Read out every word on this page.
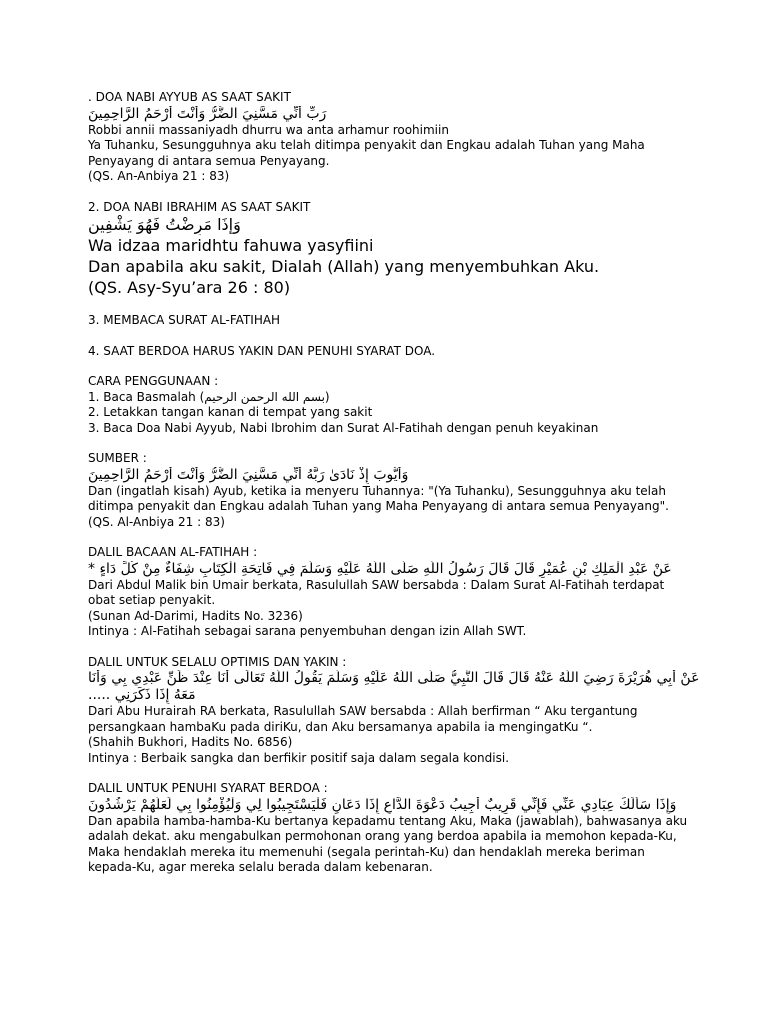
. DOA NABI AYYUB AS SAAT SAKIT
رَبِّ أَنِّي مَسَّنِيَ الضُّرُّ وَأَنْتَ أَرْحَمُ الرَّاحِمِينَ
Robbi annii massaniyadh dhurru wa anta arhamur roohimiin
Ya Tuhanku, Sesungguhnya aku telah ditimpa penyakit dan Engkau adalah Tuhan yang Maha
Penyayang di antara semua Penyayang.
(QS. An-Anbiya 21 : 83)
2. DOA NABI IBRAHIM AS SAAT SAKIT
وَإِذَا مَرِضْتُ فَهُوَ يَشْفِينِ
Wa idzaa maridhtu fahuwa yasyfiini
Dan apabila aku sakit, Dialah (Allah) yang menyembuhkan Aku.
(QS. Asy-Syu’ara 26 : 80)
3. MEMBACA SURAT AL-FATIHAH
4. SAAT BERDOA HARUS YAKIN DAN PENUHI SYARAT DOA.
CARA PENGGUNAAN :
1. Baca Basmalah (بسم الله الرحمن الرحيم)
2. Letakkan tangan kanan di tempat yang sakit
3. Baca Doa Nabi Ayyub, Nabi Ibrohim dan Surat Al-Fatihah dengan penuh keyakinan
SUMBER :
وَأَيُّوبَ إِذْ نَادَىٰ رَبَّهُ أَنِّي مَسَّنِيَ الضُّرُّ وَأَنْتَ أَرْحَمُ الرَّاحِمِينَ
Dan (ingatlah kisah) Ayub, ketika ia menyeru Tuhannya: "(Ya Tuhanku), Sesungguhnya aku telah
ditimpa penyakit dan Engkau adalah Tuhan yang Maha Penyayang di antara semua Penyayang".
(QS. Al-Anbiya 21 : 83)
DALIL BACAAN AL-FATIHAH :
عَنْ عَبْدِ الْمَلِكِ بْنِ عُمَيْرٍ قَالَ قَالَ رَسُولُ اللَّهِ صَلَّى اللَّهُ عَلَيْهِ وَسَلَّمَ فِي فَاتِحَةِ الْكِتَابِ شِفَاءٌ مِنْ كُلِّ دَاءٍ *
Dari Abdul Malik bin Umair berkata, Rasulullah SAW bersabda : Dalam Surat Al-Fatihah terdapat
obat setiap penyakit.
(Sunan Ad-Darimi, Hadits No. 3236)
Intinya : Al-Fatihah sebagai sarana penyembuhan dengan izin Allah SWT.
DALIL UNTUK SELALU OPTIMIS DAN YAKIN :
عَنْ أَبِي هُرَيْرَةَ رَضِيَ اللَّهُ عَنْهُ قَالَ قَالَ النَّبِيُّ صَلَّى اللَّهُ عَلَيْهِ وَسَلَّمَ يَقُولُ اللَّهُ تَعَالَى أَنَا عِنْدَ ظَنِّ عَبْدِي بِي وَأَنَا
مَعَهُ إِذَا ذَكَرَنِي .....
Dari Abu Hurairah RA berkata, Rasulullah SAW bersabda : Allah berfirman “ Aku tergantung
persangkaan hambaKu pada diriKu, dan Aku bersamanya apabila ia mengingatKu “.
(Shahih Bukhori, Hadits No. 6856)
Intinya : Berbaik sangka dan berfikir positif saja dalam segala kondisi.
DALIL UNTUK PENUHI SYARAT BERDOA :
وَإِذَا سَأَلَكَ عِبَادِي عَنِّي فَإِنِّي قَرِيبٌ أُجِيبُ دَعْوَةَ الدَّاعِ إِذَا دَعَانِ فَلْيَسْتَجِيبُوا لِي وَلْيُؤْمِنُوا بِي لَعَلَّهُمْ يَرْشُدُونَ
Dan apabila hamba-hamba-Ku bertanya kepadamu tentang Aku, Maka (jawablah), bahwasanya aku
adalah dekat. aku mengabulkan permohonan orang yang berdoa apabila ia memohon kepada-Ku,
Maka hendaklah mereka itu memenuhi (segala perintah-Ku) dan hendaklah mereka beriman
kepada-Ku, agar mereka selalu berada dalam kebenaran.
